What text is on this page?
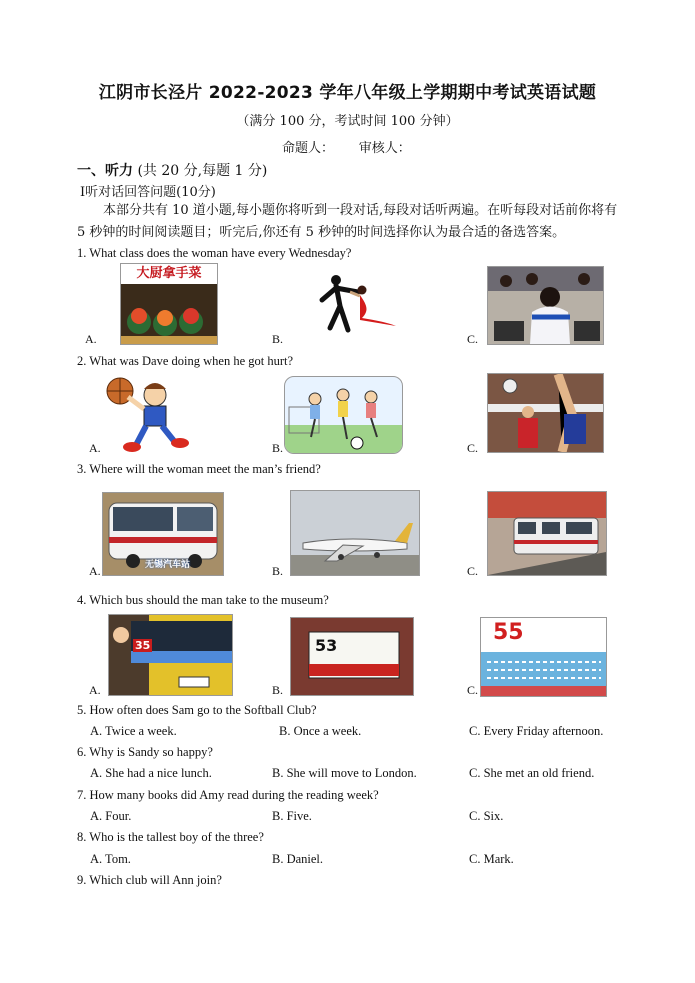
江阴市长泾片 2022-2023 学年八年级上学期期中考试英语试题
（满分 100 分，考试时间 100 分钟）
命题人：      审核人：
一、听力 (共 20 分,每题 1 分)
Ⅰ听对话回答问题(10分)
本部分共有 10 道小题,每小题你将听到一段对话,每段对话听两遍。在听每段对话前你将有 5 秒钟的时间阅读题目；听完后,你还有 5 秒钟的时间选择你认为最合适的备选答案。
1. What class does the woman have every Wednesday?
A.
大厨拿手菜
B.	C.
2. What was Dave doing when he got hurt?
A.	B.	C.
3. Where will the woman meet the man’s friend?
A.	无锡汽车站	B.	C.
4. Which bus should the man take to the museum?
A.
35
B.
53
C.
55
5. How often does Sam go to the Softball Club?
A. Twice a week.	B. Once a week.	C. Every Friday afternoon.
6. Why is Sandy so happy?
A. She had a nice lunch.	B. She will move to London.	C. She met an old friend.
7. How many books did Amy read during the reading week?
A. Four.	B. Five.	C. Six.
8. Who is the tallest boy of the three?
A. Tom.	B. Daniel.	C. Mark.
9. Which club will Ann join?
